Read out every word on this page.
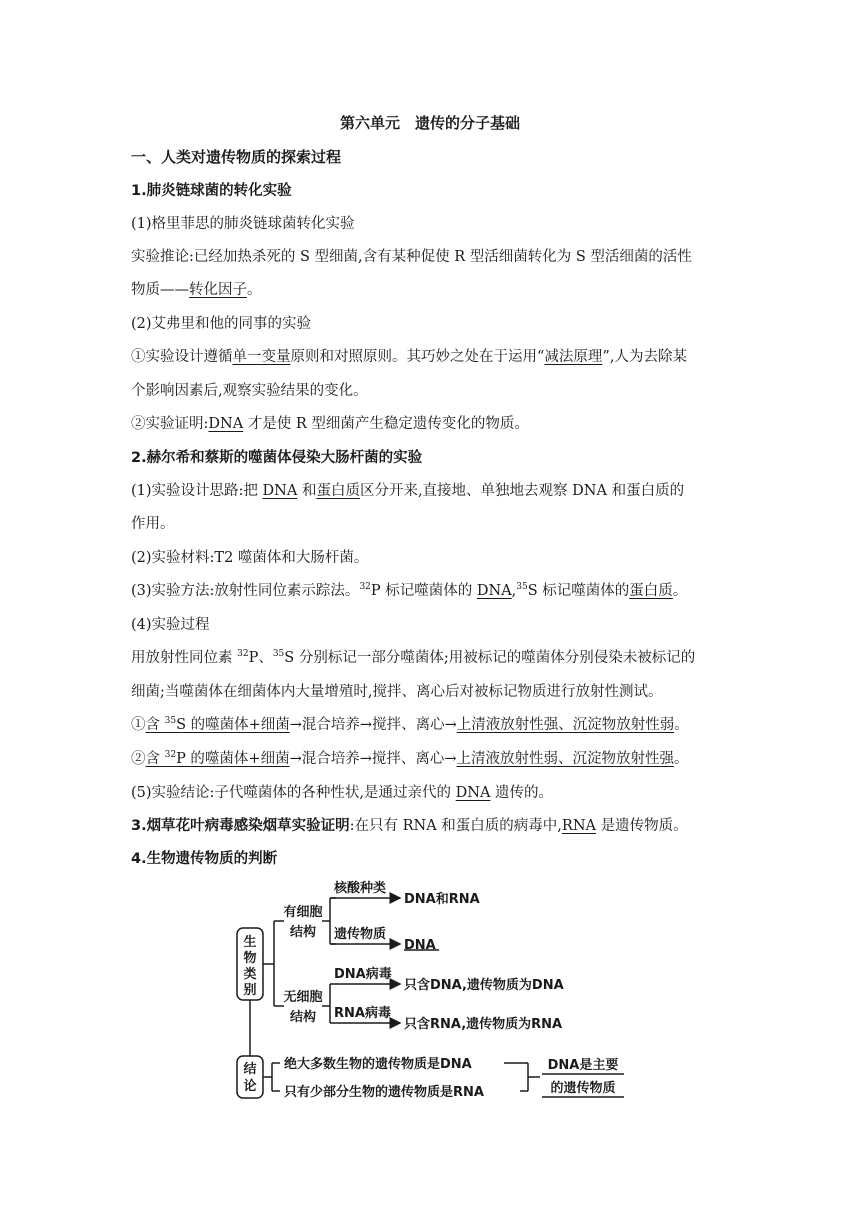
第六单元　遗传的分子基础
一、人类对遗传物质的探索过程
1.肺炎链球菌的转化实验
(1)格里菲思的肺炎链球菌转化实验
实验推论:已经加热杀死的 S 型细菌,含有某种促使 R 型活细菌转化为 S 型活细菌的活性
物质——转化因子。
(2)艾弗里和他的同事的实验
①实验设计遵循单一变量原则和对照原则。其巧妙之处在于运用“减法原理”,人为去除某
个影响因素后,观察实验结果的变化。
②实验证明:DNA 才是使 R 型细菌产生稳定遗传变化的物质。
2.赫尔希和蔡斯的噬菌体侵染大肠杆菌的实验
(1)实验设计思路:把 DNA 和蛋白质区分开来,直接地、单独地去观察 DNA 和蛋白质的
作用。
(2)实验材料:T2 噬菌体和大肠杆菌。
(3)实验方法:放射性同位素示踪法。$^{32}$P 标记噬菌体的 DNA,$^{35}$S 标记噬菌体的蛋白质。
(4)实验过程
用放射性同位素 $^{32}$P、$^{35}$S 分别标记一部分噬菌体;用被标记的噬菌体分别侵染未被标记的
细菌;当噬菌体在细菌体内大量增殖时,搅拌、离心后对被标记物质进行放射性测试。
①含 $^{35}$S 的噬菌体+细菌→混合培养→搅拌、离心→上清液放射性强、沉淀物放射性弱。
②含 $^{32}$P 的噬菌体+细菌→混合培养→搅拌、离心→上清液放射性弱、沉淀物放射性强。
(5)实验结论:子代噬菌体的各种性状,是通过亲代的 DNA 遗传的。
3.烟草花叶病毒感染烟草实验证明:在只有 RNA 和蛋白质的病毒中,RNA 是遗传物质。
4.生物遗传物质的判断
生
物
类
别
有细胞
结构
无细胞
结构
核酸种类
DNA和RNA
遗传物质
DNA
DNA病毒
只含DNA,遗传物质为DNA
RNA病毒
只含RNA,遗传物质为RNA
结
论
绝大多数生物的遗传物质是DNA
只有少部分生物的遗传物质是RNA
DNA是主要
的遗传物质
